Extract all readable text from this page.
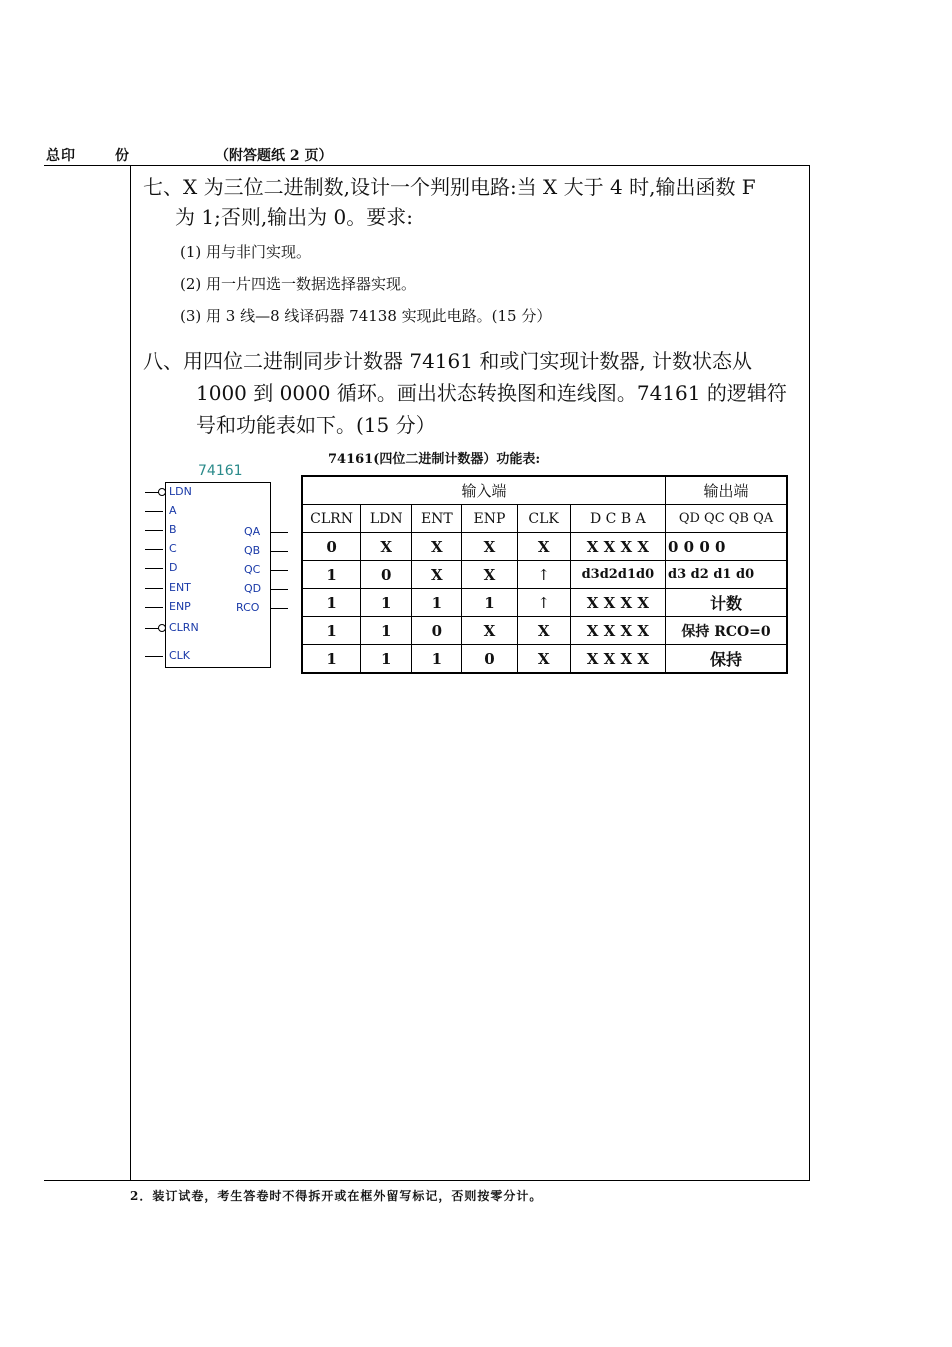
总印	份	（附答题纸 2 页）
七、X 为三位二进制数,设计一个判别电路:当 X 大于 4 时,输出函数 F
为 1;否则,输出为 0。要求:
(1) 用与非门实现。
(2) 用一片四选一数据选择器实现。
(3) 用 3 线—8 线译码器 74138 实现此电路。(15 分）
八、用四位二进制同步计数器 74161 和或门实现计数器, 计数状态从
1000 到 0000 循环。画出状态转换图和连线图。74161 的逻辑符
号和功能表如下。(15 分）
74161
LDN
A
B
C
D
ENT
ENP
CLRN
CLK
QA
QB
QC
QD
RCO
74161(四位二进制计数器）功能表:
输入端						输出端
CLRN	LDN	ENT	ENP	CLK	D C B A	QD QC QB QA
0	X	X	X	X	X X X X	0 0 0 0
1	0	X	X	↑	d3d2d1d0	d3 d2 d1 d0
1	1	1	1	↑	X X X X	计数
1	1	0	X	X	X X X X	保持 RCO=0
1	1	1	0	X	X X X X	保持
2．装订试卷，考生答卷时不得拆开或在框外留写标记，否则按零分计。
